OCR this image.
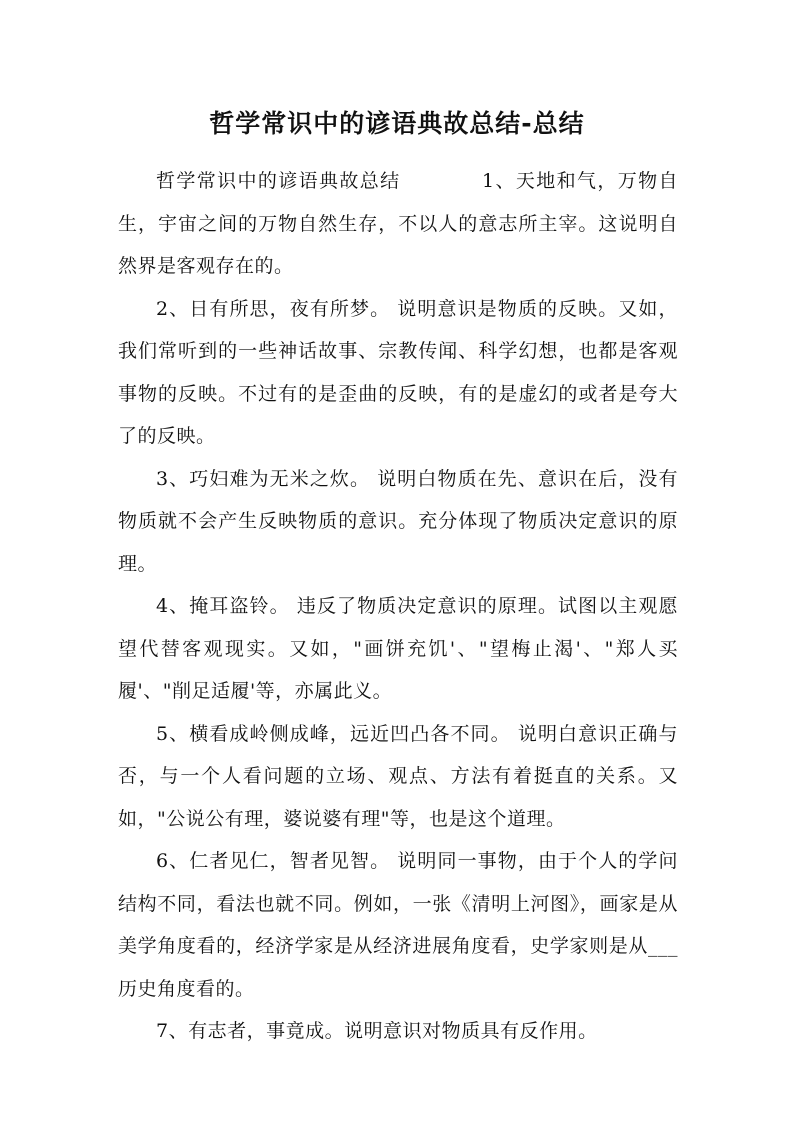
哲学常识中的谚语典故总结-总结

哲学常识中的谚语典故总结　　　　1、天地和气，万物自生，宇宙之间的万物自然生存，不以人的意志所主宰。这说明自然界是客观存在的。

2、日有所思，夜有所梦。 说明意识是物质的反映。又如，我们常听到的一些神话故事、宗教传闻、科学幻想，也都是客观事物的反映。不过有的是歪曲的反映，有的是虚幻的或者是夸大了的反映。

3、巧妇难为无米之炊。 说明白物质在先、意识在后，没有物质就不会产生反映物质的意识。充分体现了物质决定意识的原理。

4、掩耳盗铃。 违反了物质决定意识的原理。试图以主观愿望代替客观现实。又如，"画饼充饥'、"望梅止渴'、"郑人买履'、"削足适履'等，亦属此义。

5、横看成岭侧成峰，远近凹凸各不同。 说明白意识正确与否，与一个人看问题的立场、观点、方法有着挺直的关系。又如，"公说公有理，婆说婆有理"等，也是这个道理。

6、仁者见仁，智者见智。 说明同一事物，由于个人的学问结构不同，看法也就不同。例如，一张《清明上河图》，画家是从美学角度看的，经济学家是从经济进展角度看，史学家则是从___历史角度看的。

7、有志者，事竟成。说明意识对物质具有反作用。
